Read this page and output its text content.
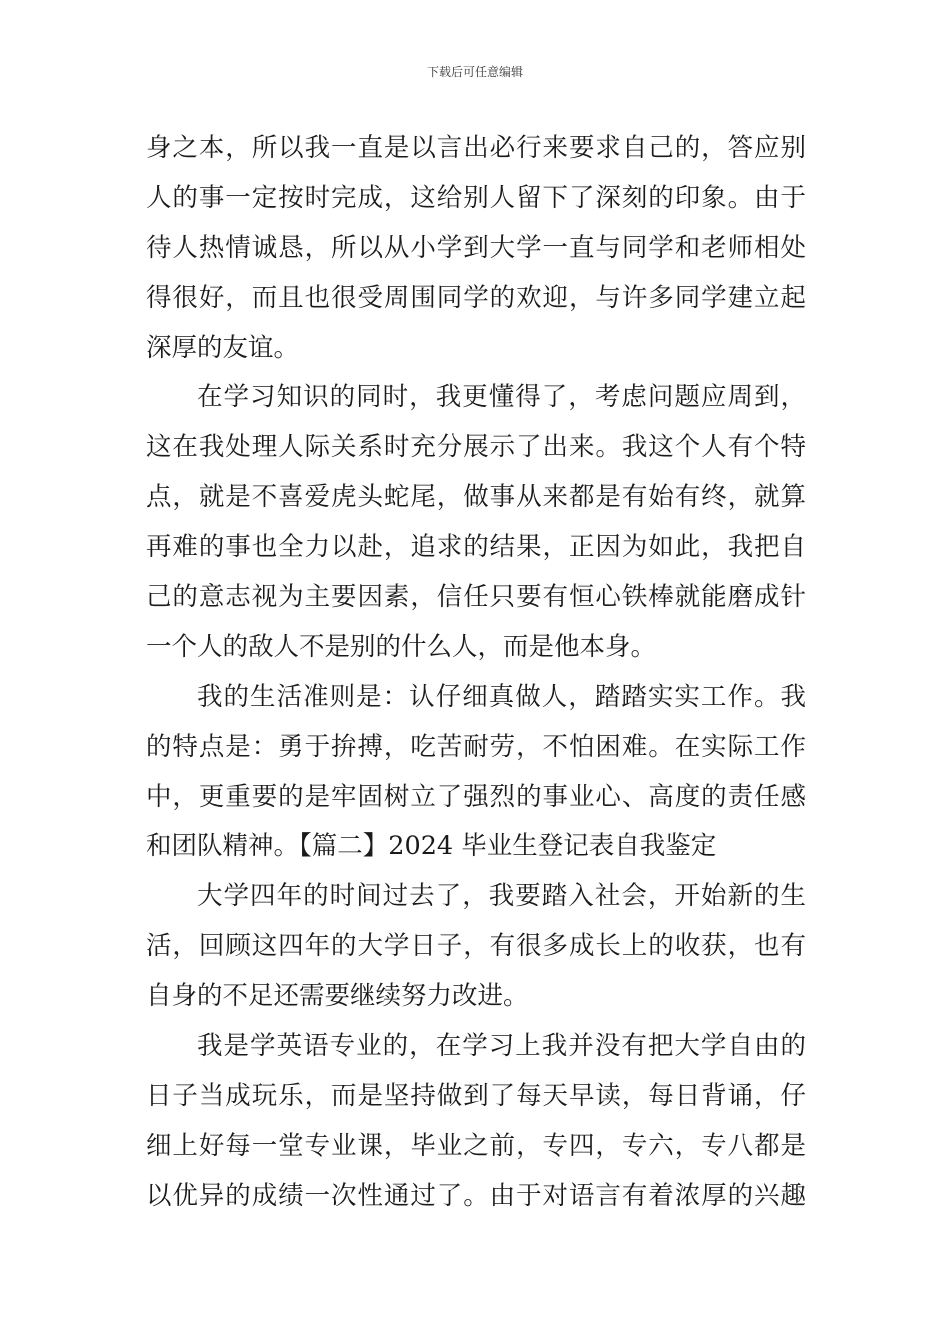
下载后可任意编辑
身之本，所以我一直是以言出必行来要求自己的，答应别
人的事一定按时完成，这给别人留下了深刻的印象。由于
待人热情诚恳，所以从小学到大学一直与同学和老师相处
得很好，而且也很受周围同学的欢迎，与许多同学建立起
深厚的友谊。
在学习知识的同时，我更懂得了，考虑问题应周到，
这在我处理人际关系时充分展示了出来。我这个人有个特
点，就是不喜爱虎头蛇尾，做事从来都是有始有终，就算
再难的事也全力以赴，追求的结果，正因为如此，我把自
己的意志视为主要因素，信任只要有恒心铁棒就能磨成针
一个人的敌人不是别的什么人，而是他本身。
我的生活准则是：认仔细真做人，踏踏实实工作。我
的特点是：勇于拚搏，吃苦耐劳，不怕困难。在实际工作
中，更重要的是牢固树立了强烈的事业心、高度的责任感
和团队精神。【篇二】2024 毕业生登记表自我鉴定
大学四年的时间过去了，我要踏入社会，开始新的生
活，回顾这四年的大学日子，有很多成长上的收获，也有
自身的不足还需要继续努力改进。
我是学英语专业的，在学习上我并没有把大学自由的
日子当成玩乐，而是坚持做到了每天早读，每日背诵，仔
细上好每一堂专业课，毕业之前，专四，专六，专八都是
以优异的成绩一次性通过了。由于对语言有着浓厚的兴趣
